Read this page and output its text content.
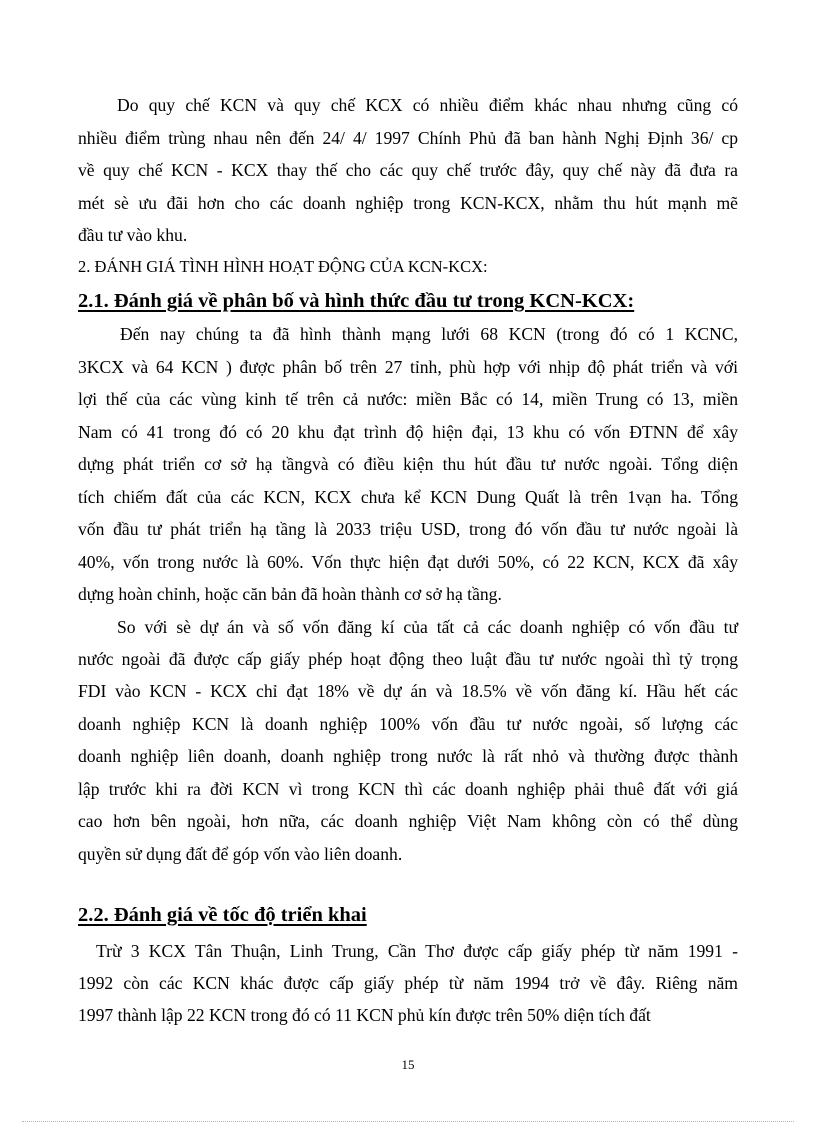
Do quy chế KCN và quy chế KCX có nhiều điểm khác nhau nhưng cũng có
nhiều điểm trùng nhau nên đến 24/ 4/ 1997 Chính Phủ đã ban hành Nghị Định 36/ cp
về quy chế KCN - KCX thay thế cho các quy chế trước đây, quy chế này đã đưa ra
mét sè ưu đãi hơn cho các doanh nghiệp trong KCN-KCX, nhằm thu hút mạnh mẽ
đầu tư vào khu.
2. ĐÁNH GIÁ TÌNH HÌNH HOẠT ĐỘNG CỦA KCN-KCX:
2.1. Đánh giá về phân bố và hình thức đầu tư trong KCN-KCX:
Đến nay chúng ta đã hình thành mạng lưới 68 KCN (trong đó có 1 KCNC,
3KCX và 64 KCN ) được phân bố trên 27 tỉnh, phù hợp với nhịp độ phát triển và với
lợi thế của các vùng kinh tế trên cả nước: miền Bắc có 14, miền Trung có 13, miền
Nam có 41 trong đó có 20 khu đạt trình độ hiện đại, 13 khu có vốn ĐTNN để xây
dựng phát triển cơ sở hạ tầngvà có điều kiện thu hút đầu tư nước ngoài. Tổng diện
tích chiếm đất của các KCN, KCX chưa kể KCN Dung Quất là trên 1vạn ha. Tổng
vốn đầu tư phát triển hạ tầng là 2033 triệu USD, trong đó vốn đầu tư nước ngoài là
40%, vốn trong nước là 60%. Vốn thực hiện đạt dưới 50%, có 22 KCN, KCX đã xây
dựng hoàn chỉnh, hoặc căn bản đã hoàn thành cơ sở hạ tầng.
So với sè dự án và số vốn đăng kí của tất cả các doanh nghiệp có vốn đầu tư
nước ngoài đã được cấp giấy phép hoạt động theo luật đầu tư nước ngoài thì tỷ trọng
FDI vào KCN - KCX chỉ đạt 18% về dự án và 18.5% về vốn đăng kí. Hầu hết các
doanh nghiệp KCN là doanh nghiệp 100% vốn đầu tư nước ngoài, số lượng các
doanh nghiệp liên doanh, doanh nghiệp trong nước là rất nhỏ và thường được thành
lập trước khi ra đời KCN vì trong KCN thì các doanh nghiệp phải thuê đất với giá
cao hơn bên ngoài, hơn nữa, các doanh nghiệp Việt Nam không còn có thể dùng
quyền sử dụng đất để góp vốn vào liên doanh.
2.2. Đánh giá về tốc độ triển khai
Trừ 3 KCX Tân Thuận, Linh Trung, Cần Thơ được cấp giấy phép từ năm 1991 -
1992 còn các KCN khác được cấp giấy phép từ năm 1994 trở về đây. Riêng năm
1997 thành lập 22 KCN trong đó có 11 KCN phủ kín được trên 50% diện tích đất
15
